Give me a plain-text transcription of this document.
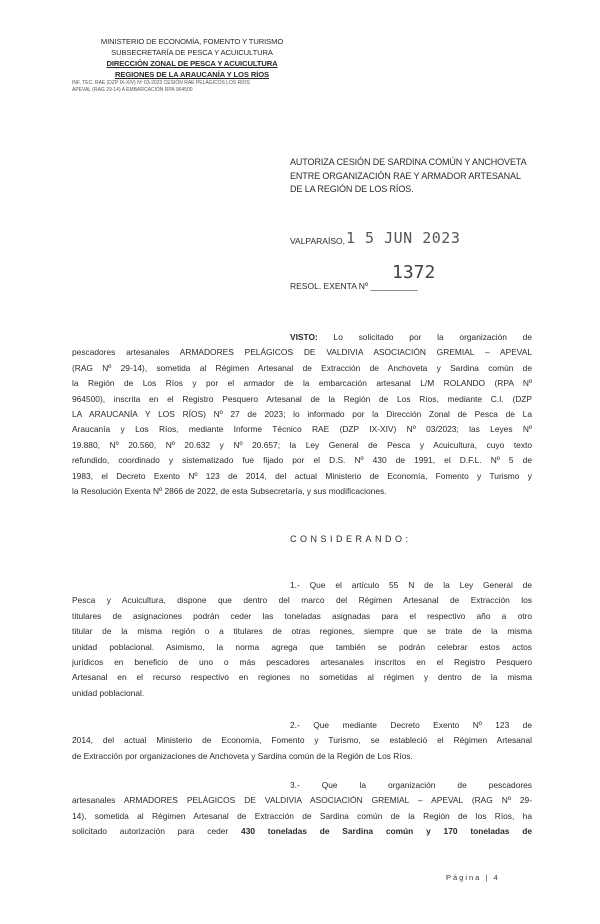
MINISTERIO DE ECONOMÍA, FOMENTO Y TURISMO
SUBSECRETARÍA DE PESCA Y ACUICULTURA
DIRECCIÓN ZONAL DE PESCA Y ACUICULTURA
REGIONES DE LA ARAUCANÍA Y LOS RÍOS
INF. TEC. RAE (DZP IX-XIV) Nº 03-2023 CESIÓN RAE PELÁGICOS LOS RÍOS
APEVAL (RAG 29-14) A EMBARCACIÓN RPA 964500
AUTORIZA CESIÓN DE SARDINA COMÚN Y ANCHOVETA
ENTRE ORGANIZACIÓN RAE Y ARMADOR ARTESANAL
DE LA REGIÓN DE LOS RÍOS.
VALPARAÍSO, 1 5 JUN 2023
1372
RESOL. EXENTA Nº __________
VISTO: Lo solicitado por la organización de
pescadores artesanales ARMADORES PELÁGICOS DE VALDIVIA ASOCIACIÓN GREMIAL – APEVAL
(RAG Nº 29-14), sometida al Régimen Artesanal de Extracción de Anchoveta y Sardina común de
la Región de Los Ríos y por el armador de la embarcación artesanal L/M ROLANDO (RPA Nº
964500), inscrita en el Registro Pesquero Artesanal de la Región de Los Ríos, mediante C.I. (DZP
LA ARAUCANÍA Y LOS RÍOS) Nº 27 de 2023; lo informado por la Dirección Zonal de Pesca de La
Araucanía y Los Ríos, mediante Informe Técnico RAE (DZP IX-XIV) Nº 03/2023; las Leyes Nº
19.880, Nº 20.560, Nº 20.632 y Nº 20.657; la Ley General de Pesca y Acuicultura, cuyo texto
refundido, coordinado y sistematizado fue fijado por el D.S. Nº 430 de 1991, el D.F.L. Nº 5 de
1983, el Decreto Exento Nº 123 de 2014, del actual Ministerio de Economía, Fomento y Turismo y
la Resolución Exenta Nº 2866 de 2022, de esta Subsecretaría, y sus modificaciones.
CONSIDERANDO:
1.- Que el artículo 55 N de la Ley General de
Pesca y Acuicultura, dispone que dentro del marco del Régimen Artesanal de Extracción los
titulares de asignaciones podrán ceder las toneladas asignadas para el respectivo año a otro
titular de la misma región o a titulares de otras regiones, siempre que se trate de la misma
unidad poblacional. Asimismo, la norma agrega que también se podrán celebrar estos actos
jurídicos en beneficio de uno o más pescadores artesanales inscritos en el Registro Pesquero
Artesanal en el recurso respectivo en regiones no sometidas al régimen y dentro de la misma
unidad poblacional.
2.- Que mediante Decreto Exento Nº 123 de
2014, del actual Ministerio de Economía, Fomento y Turismo, se estableció el Régimen Artesanal
de Extracción por organizaciones de Anchoveta y Sardina común de la Región de Los Ríos.
3.- Que la organización de pescadores
artesanales ARMADORES PELÁGICOS DE VALDIVIA ASOCIACIÓN GREMIAL – APEVAL (RAG Nº 29-
14), sometida al Régimen Artesanal de Extracción de Sardina común de la Región de los Ríos, ha
solicitado autorización para ceder 430 toneladas de Sardina común y 170 toneladas de
Página | 4
